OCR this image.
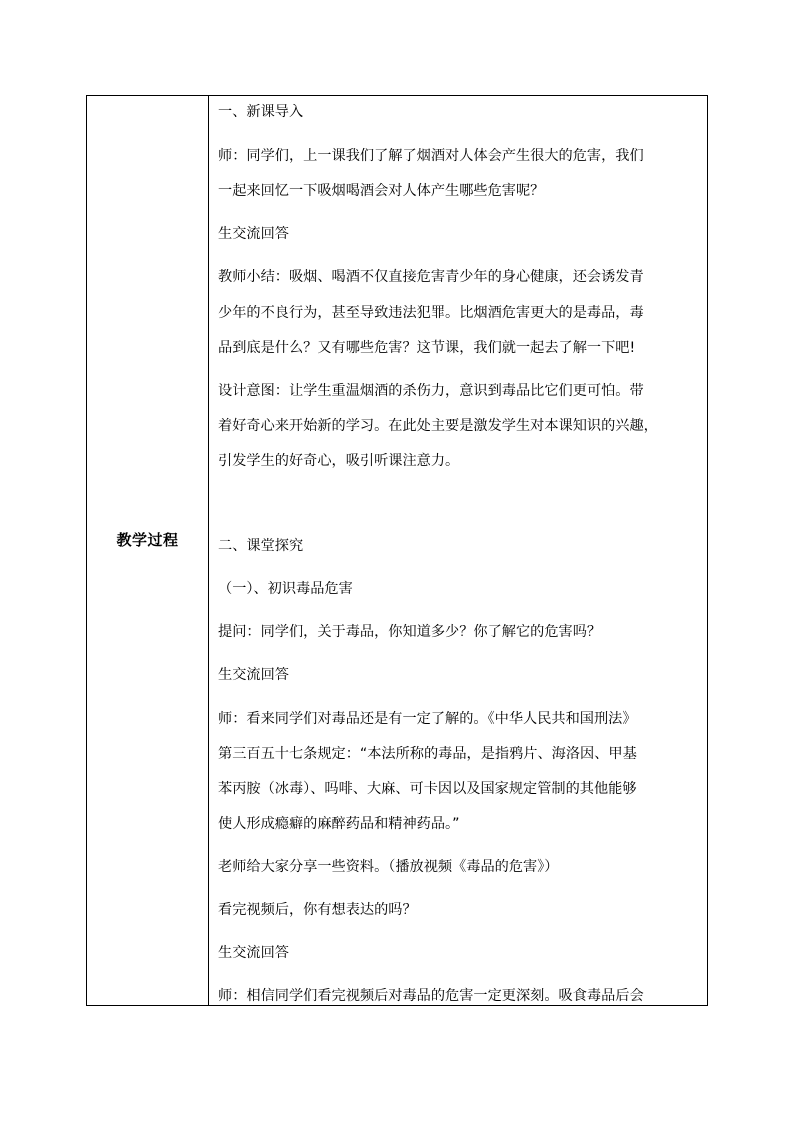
教学过程
一、新课导入
师：同学们，上一课我们了解了烟酒对人体会产生很大的危害，我们
一起来回忆一下吸烟喝酒会对人体产生哪些危害呢？
生交流回答
教师小结：吸烟、喝酒不仅直接危害青少年的身心健康，还会诱发青
少年的不良行为，甚至导致违法犯罪。比烟酒危害更大的是毒品，毒
品到底是什么？又有哪些危害？这节课，我们就一起去了解一下吧!
设计意图：让学生重温烟酒的杀伤力，意识到毒品比它们更可怕。带
着好奇心来开始新的学习。在此处主要是激发学生对本课知识的兴趣，
引发学生的好奇心，吸引听课注意力。
二、课堂探究
（一）、初识毒品危害
提问：同学们，关于毒品，你知道多少？你了解它的危害吗？
生交流回答
师：看来同学们对毒品还是有一定了解的。《中华人民共和国刑法》
第三百五十七条规定：“本法所称的毒品，是指鸦片、海洛因、甲基
苯丙胺（冰毒）、吗啡、大麻、可卡因以及国家规定管制的其他能够
使人形成瘾癖的麻醉药品和精神药品。”
老师给大家分享一些资料。（播放视频《毒品的危害》）
看完视频后，你有想表达的吗？
生交流回答
师：相信同学们看完视频后对毒品的危害一定更深刻。吸食毒品后会
